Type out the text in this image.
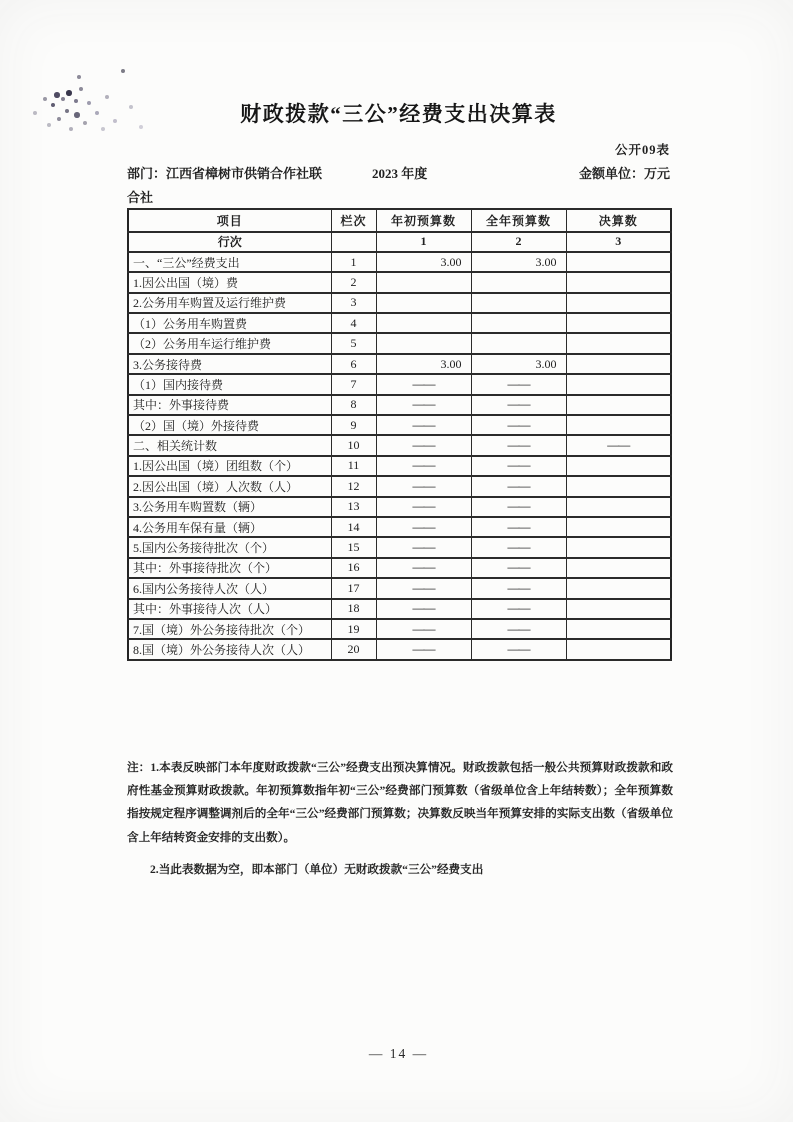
财政拨款“三公”经费支出决算表
公开09表
部门：江西省樟树市供销合作社联	2023 年度	金额单位：万元
合社
项目	栏次	年初预算数	全年预算数	决算数
行次		1	2	3
一、“三公”经费支出	1	3.00	3.00	
1.因公出国（境）费	2			
2.公务用车购置及运行维护费	3			
（1）公务用车购置费	4			
（2）公务用车运行维护费	5			
3.公务接待费	6	3.00	3.00	
（1）国内接待费	7	——	——	
其中：外事接待费	8	——	——	
（2）国（境）外接待费	9	——	——	
二、相关统计数	10	——	——	——
1.因公出国（境）团组数（个）	11	——	——	
2.因公出国（境）人次数（人）	12	——	——	
3.公务用车购置数（辆）	13	——	——	
4.公务用车保有量（辆）	14	——	——	
5.国内公务接待批次（个）	15	——	——	
其中：外事接待批次（个）	16	——	——	
6.国内公务接待人次（人）	17	——	——	
其中：外事接待人次（人）	18	——	——	
7.国（境）外公务接待批次（个）	19	——	——	
8.国（境）外公务接待人次（人）	20	——	——	

注：1.本表反映部门本年度财政拨款“三公”经费支出预决算情况。财政拨款包括一般公共预算财政拨款和政府性基金预算财政拨款。年初预算数指年初“三公”经费部门预算数（省级单位含上年结转数）；全年预算数指按规定程序调整调剂后的全年“三公”经费部门预算数；决算数反映当年预算安排的实际支出数（省级单位含上年结转资金安排的支出数）。

2.当此表数据为空，即本部门（单位）无财政拨款“三公”经费支出

— 14 —
